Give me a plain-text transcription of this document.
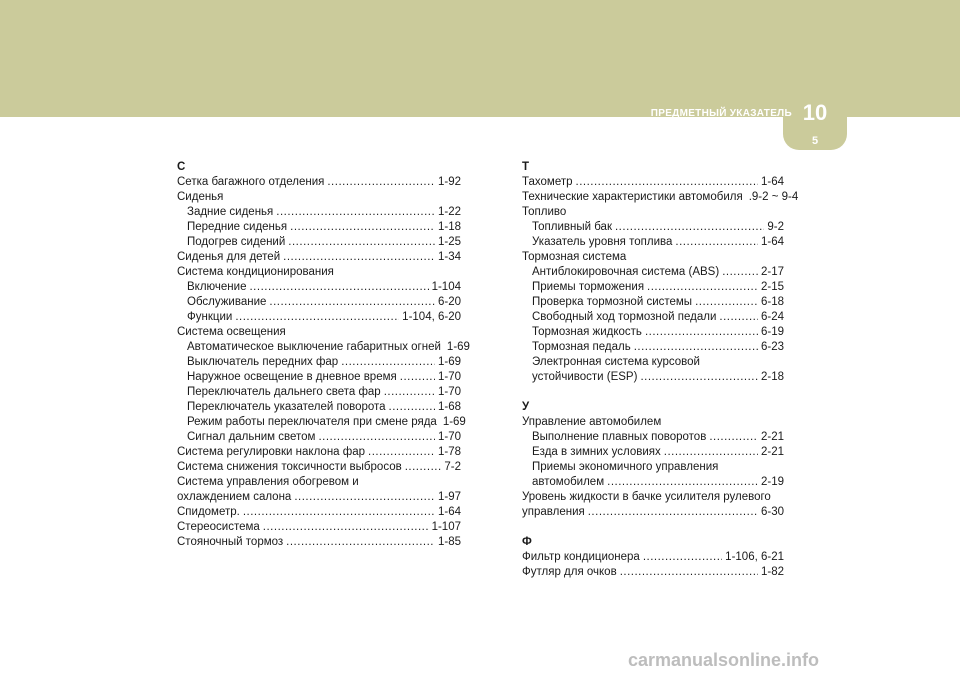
ПРЕДМЕТНЫЙ УКАЗАТЕЛЬ 10
5
С
Сетка багажного отделения .....	1-92
Сиденья
Задние сиденья .....	1-22
Передние сиденья .....	1-18
Подогрев сидений .....	1-25
Сиденья для детей .....	1-34
Система кондиционирования
Включение .....	1-104
Обслуживание .....	6-20
Функции .....	1-104, 6-20
Система освещения
Автоматическое выключение габаритных огней 1-69
Выключатель передних фар .....	1-69
Наружное освещение в дневное время .....	1-70
Переключатель дальнего света фар .....	1-70
Переключатель указателей поворота .....	1-68
Режим работы переключателя при смене ряда 1-69
Сигнал дальним светом .....	1-70
Система регулировки наклона фар .....	1-78
Система снижения токсичности выбросов .....	7-2
Система управления обогревом и
охлаждением салона .....	1-97
Спидометр. .....	1-64
Стереосистема .....	1-107
Стояночный тормоз .....	1-85
Т
Тахометр .....	1-64
Технические характеристики автомобиля .9-2 ~ 9-4
Топливо
Топливный бак .....	9-2
Указатель уровня топлива .....	1-64
Тормозная система
Антиблокировочная система (ABS) .....	2-17
Приемы торможения .....	2-15
Проверка тормозной системы .....	6-18
Свободный ход тормозной педали .....	6-24
Тормозная жидкость .....	6-19
Тормозная педаль .....	6-23
Электронная система курсовой
устойчивости (ESP) .....	2-18
У
Управление автомобилем
Выполнение плавных поворотов .....	2-21
Езда в зимних условиях .....	2-21
Приемы экономичного управления
автомобилем .....	2-19
Уровень жидкости в бачке усилителя рулевого
управления .....	6-30
Ф
Фильтр кондиционера .....	1-106, 6-21
Футляр для очков .....	1-82
carmanualsonline.info
